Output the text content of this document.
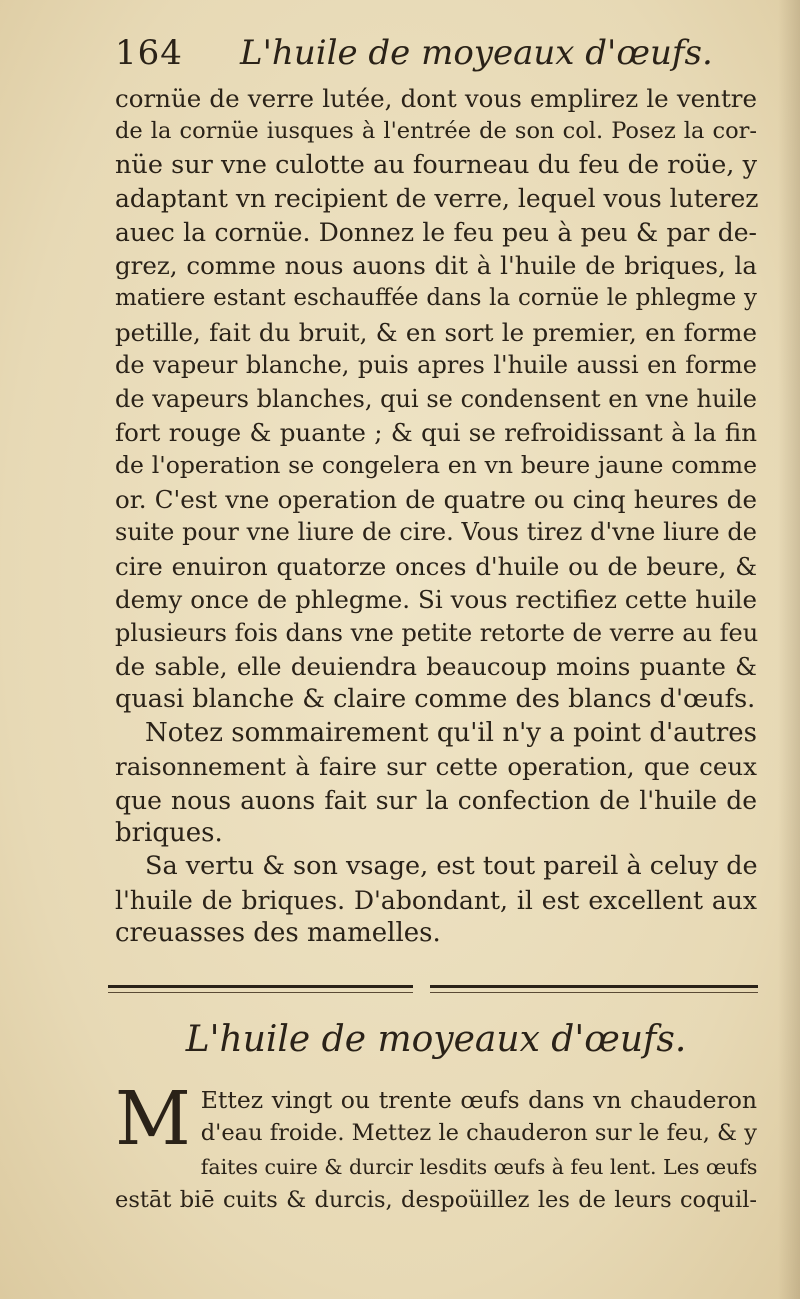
164 L'huile de moyeaux d'œufs.
cornüe de verre lutée, dont vous emplirez le ventre
de la cornüe iusques à l'entrée de son col. Posez la cor-
nüe sur vne culotte au fourneau du feu de roüe, y
adaptant vn recipient de verre, lequel vous luterez
auec la cornüe. Donnez le feu peu à peu & par de-
grez, comme nous auons dit à l'huile de briques, la
matiere estant eschauffée dans la cornüe le phlegme y
petille, fait du bruit, & en sort le premier, en forme
de vapeur blanche, puis apres l'huile aussi en forme
de vapeurs blanches, qui se condensent en vne huile
fort rouge & puante ; & qui se refroidissant à la fin
de l'operation se congelera en vn beure jaune comme
or. C'est vne operation de quatre ou cinq heures de
suite pour vne liure de cire. Vous tirez d'vne liure de
cire enuiron quatorze onces d'huile ou de beure, &
demy once de phlegme. Si vous rectifiez cette huile
plusieurs fois dans vne petite retorte de verre au feu
de sable, elle deuiendra beaucoup moins puante &
quasi blanche & claire comme des blancs d'œufs.
Notez sommairement qu'il n'y a point d'autres
raisonnement à faire sur cette operation, que ceux
que nous auons fait sur la confection de l'huile de
briques.
Sa vertu & son vsage, est tout pareil à celuy de
l'huile de briques. D'abondant, il est excellent aux
creuasses des mamelles.
L'huile de moyeaux d'œufs.
M Ettez vingt ou trente œufs dans vn chauderon
d'eau froide. Mettez le chauderon sur le feu, & y
faites cuire & durcir lesdits œufs à feu lent. Les œufs
estāt biē cuits & durcis, despoüillez les de leurs coquil-
